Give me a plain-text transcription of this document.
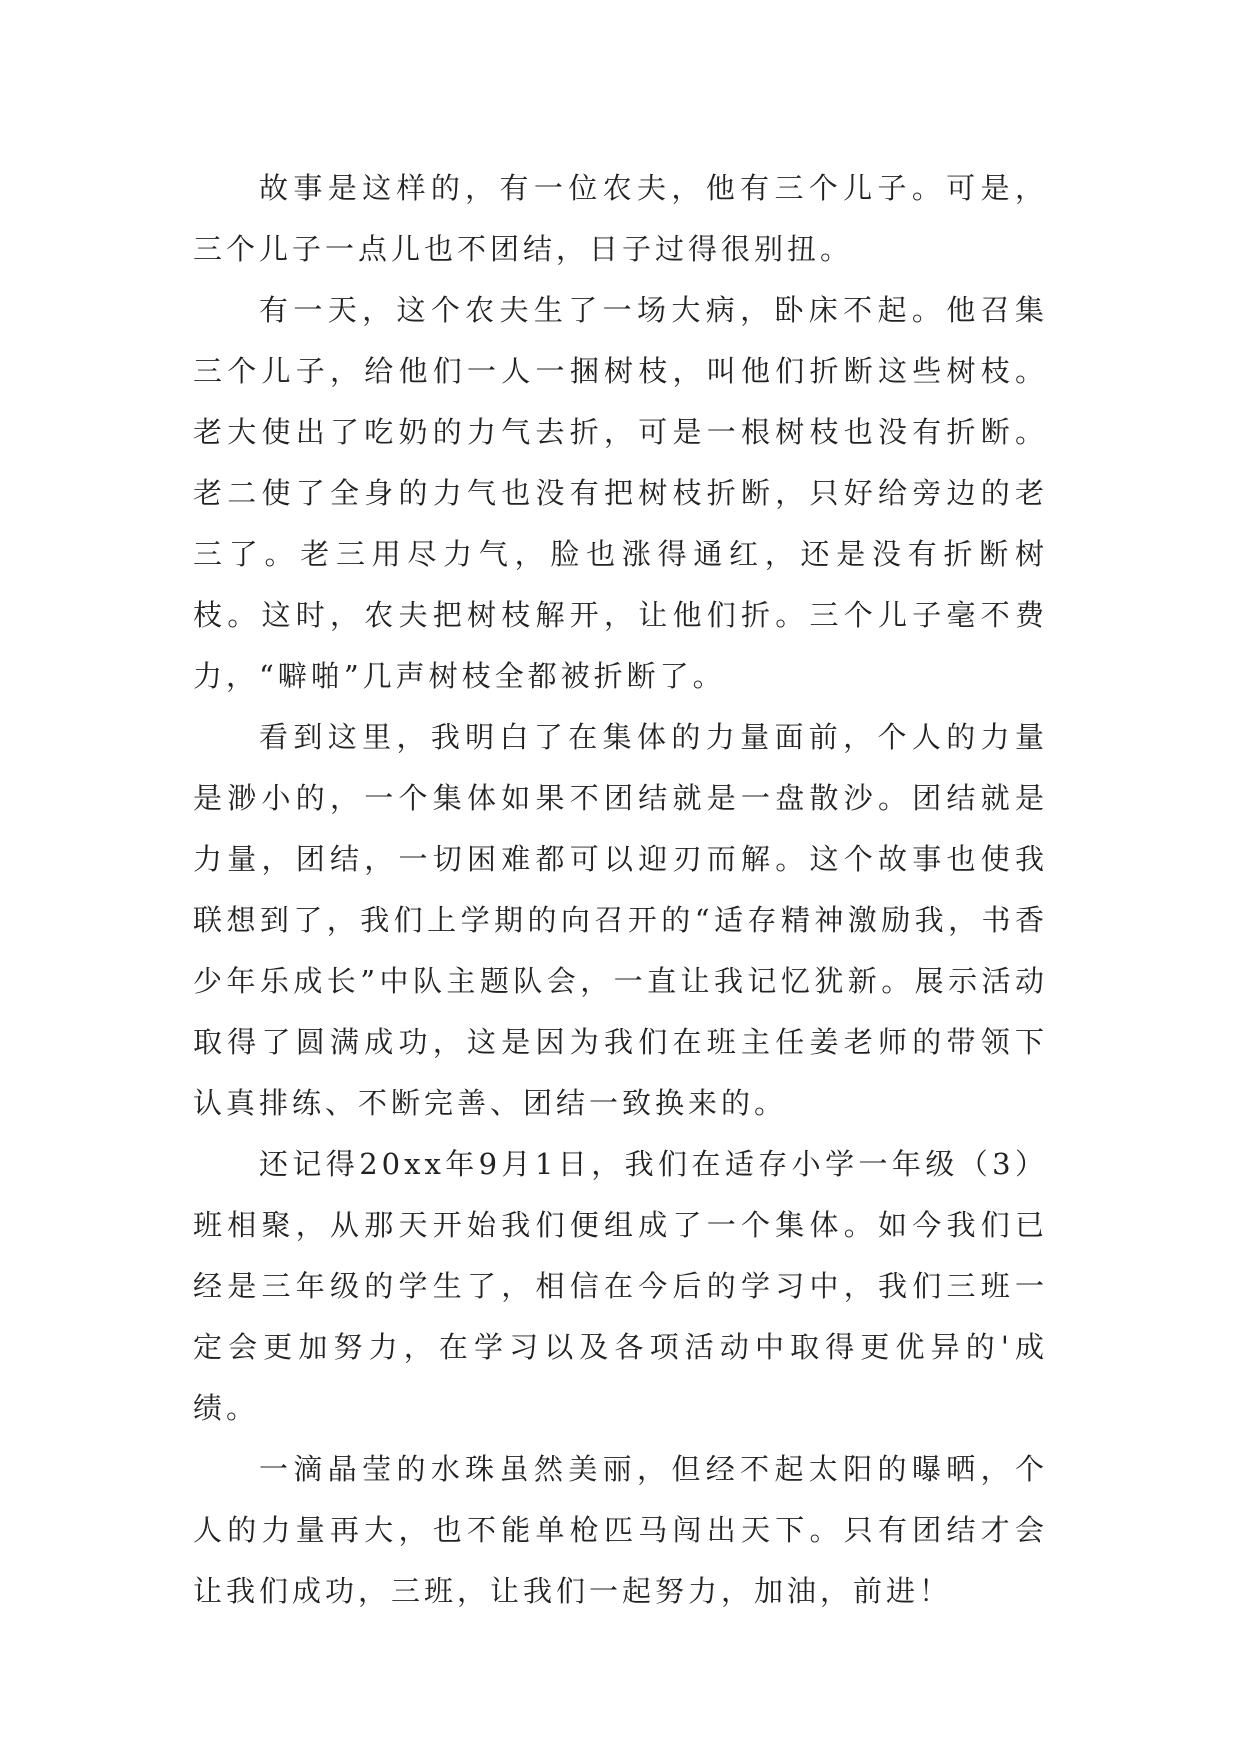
故事是这样的，有一位农夫，他有三个儿子。可是，三个儿子一点儿也不团结，日子过得很别扭。

有一天，这个农夫生了一场大病，卧床不起。他召集三个儿子，给他们一人一捆树枝，叫他们折断这些树枝。老大使出了吃奶的力气去折，可是一根树枝也没有折断。老二使了全身的力气也没有把树枝折断，只好给旁边的老三了。老三用尽力气，脸也涨得通红，还是没有折断树枝。这时，农夫把树枝解开，让他们折。三个儿子毫不费力，“噼啪”几声树枝全都被折断了。

看到这里，我明白了在集体的力量面前，个人的力量是渺小的，一个集体如果不团结就是一盘散沙。团结就是力量，团结，一切困难都可以迎刃而解。这个故事也使我联想到了，我们上学期的向召开的“适存精神激励我，书香少年乐成长”中队主题队会，一直让我记忆犹新。展示活动取得了圆满成功，这是因为我们在班主任姜老师的带领下认真排练、不断完善、团结一致换来的。

还记得20xx年9月1日，我们在适存小学一年级（3）班相聚，从那天开始我们便组成了一个集体。如今我们已经是三年级的学生了，相信在今后的学习中，我们三班一定会更加努力，在学习以及各项活动中取得更优异的'成绩。

一滴晶莹的水珠虽然美丽，但经不起太阳的曝晒，个人的力量再大，也不能单枪匹马闯出天下。只有团结才会让我们成功，三班，让我们一起努力，加油，前进！
